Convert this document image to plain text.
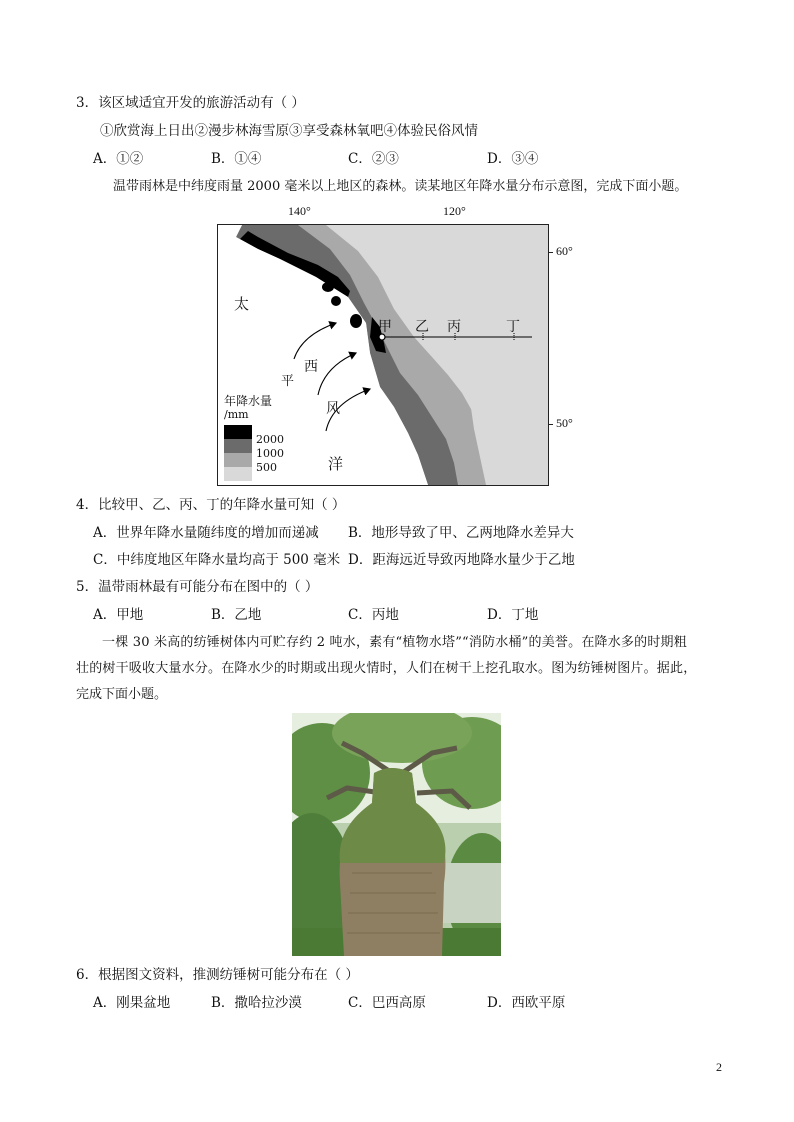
3．该区域适宜开发的旅游活动有（ ）
①欣赏海上日出②漫步林海雪原③享受森林氧吧④体验民俗风情
A．①②	B．①④	C．②③	D．③④
温带雨林是中纬度雨量 2000 毫米以上地区的森林。读某地区年降水量分布示意图，完成下面小题。
140°	120°
60°
50°
甲 乙 丙	丁
太
平
洋
西
风
年降水量
/mm
2000
1000
500
4．比较甲、乙、丙、丁的年降水量可知（ ）
A．世界年降水量随纬度的增加而递减 B．地形导致了甲、乙两地降水差异大
C．中纬度地区年降水量均高于 500 毫米 D．距海远近导致丙地降水量少于乙地
5．温带雨林最有可能分布在图中的（ ）
A．甲地	B．乙地	C．丙地	D．丁地
一棵 30 米高的纺锤树体内可贮存约 2 吨水，素有“植物水塔”“消防水桶”的美誉。在降水多的时期粗
壮的树干吸收大量水分。在降水少的时期或出现火情时，人们在树干上挖孔取水。图为纺锤树图片。据此，
完成下面小题。
6．根据图文资料，推测纺锤树可能分布在（ ）
A．刚果盆地	B．撒哈拉沙漠	C．巴西高原	D．西欧平原
2
